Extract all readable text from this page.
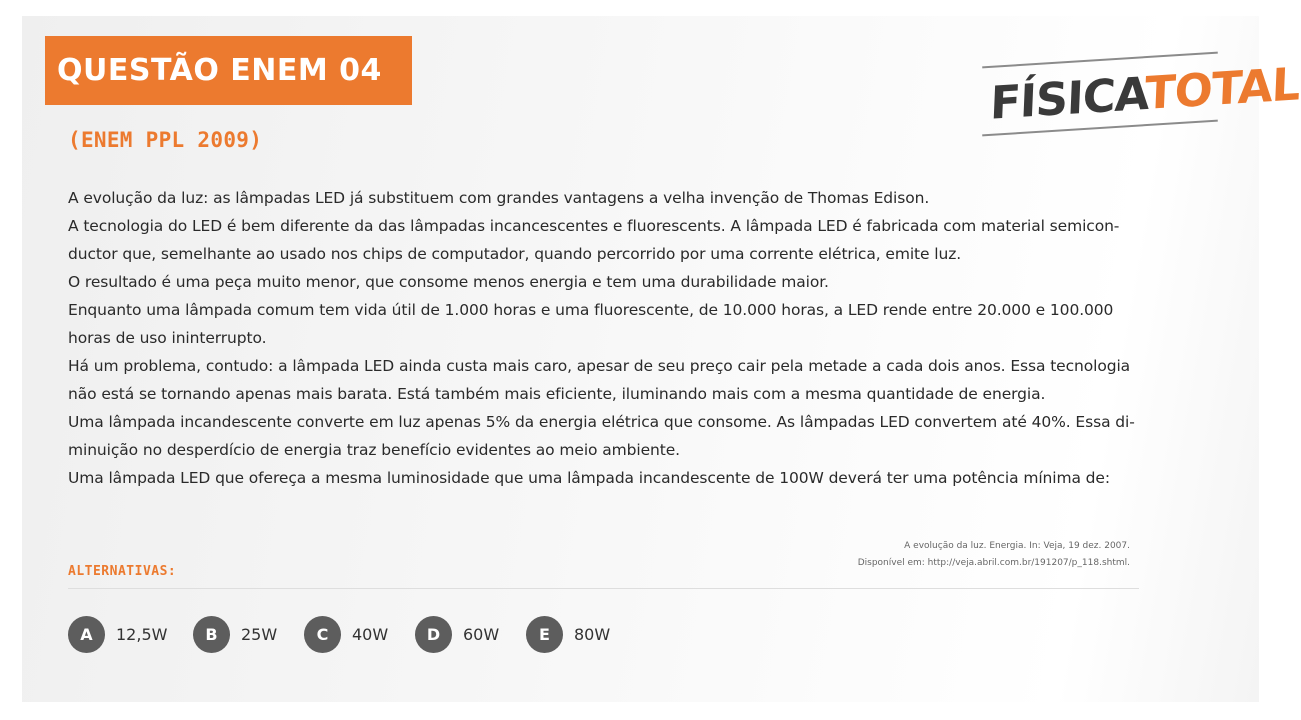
QUESTÃO ENEM 04	FÍSICATOTAL
(ENEM PPL 2009)

A evolução da luz: as lâmpadas LED já substituem com grandes vantagens a velha invenção de Thomas Edison.

A tecnologia do LED é bem diferente da das lâmpadas incancescentes e fluorescents. A lâmpada LED é fabricada com material semicon-

ductor que, semelhante ao usado nos chips de computador, quando percorrido por uma corrente elétrica, emite luz.

O resultado é uma peça muito menor, que consome menos energia e tem uma durabilidade maior.

Enquanto uma lâmpada comum tem vida útil de 1.000 horas e uma fluorescente, de 10.000 horas, a LED rende entre 20.000 e 100.000

horas de uso ininterrupto.

Há um problema, contudo: a lâmpada LED ainda custa mais caro, apesar de seu preço cair pela metade a cada dois anos. Essa tecnologia

não está se tornando apenas mais barata. Está também mais eficiente, iluminando mais com a mesma quantidade de energia.

Uma lâmpada incandescente converte em luz apenas 5% da energia elétrica que consome. As lâmpadas LED convertem até 40%. Essa di-

minuição no desperdício de energia traz benefício evidentes ao meio ambiente.

Uma lâmpada LED que ofereça a mesma luminosidade que uma lâmpada incandescente de 100W deverá ter uma potência mínima de:

A evolução da luz. Energia. In: Veja, 19 dez. 2007.

Disponível em: http://veja.abril.com.br/191207/p_118.shtml.

ALTERNATIVAS:
A	12,5W	B	25W	C	40W	D	60W	E	80W
